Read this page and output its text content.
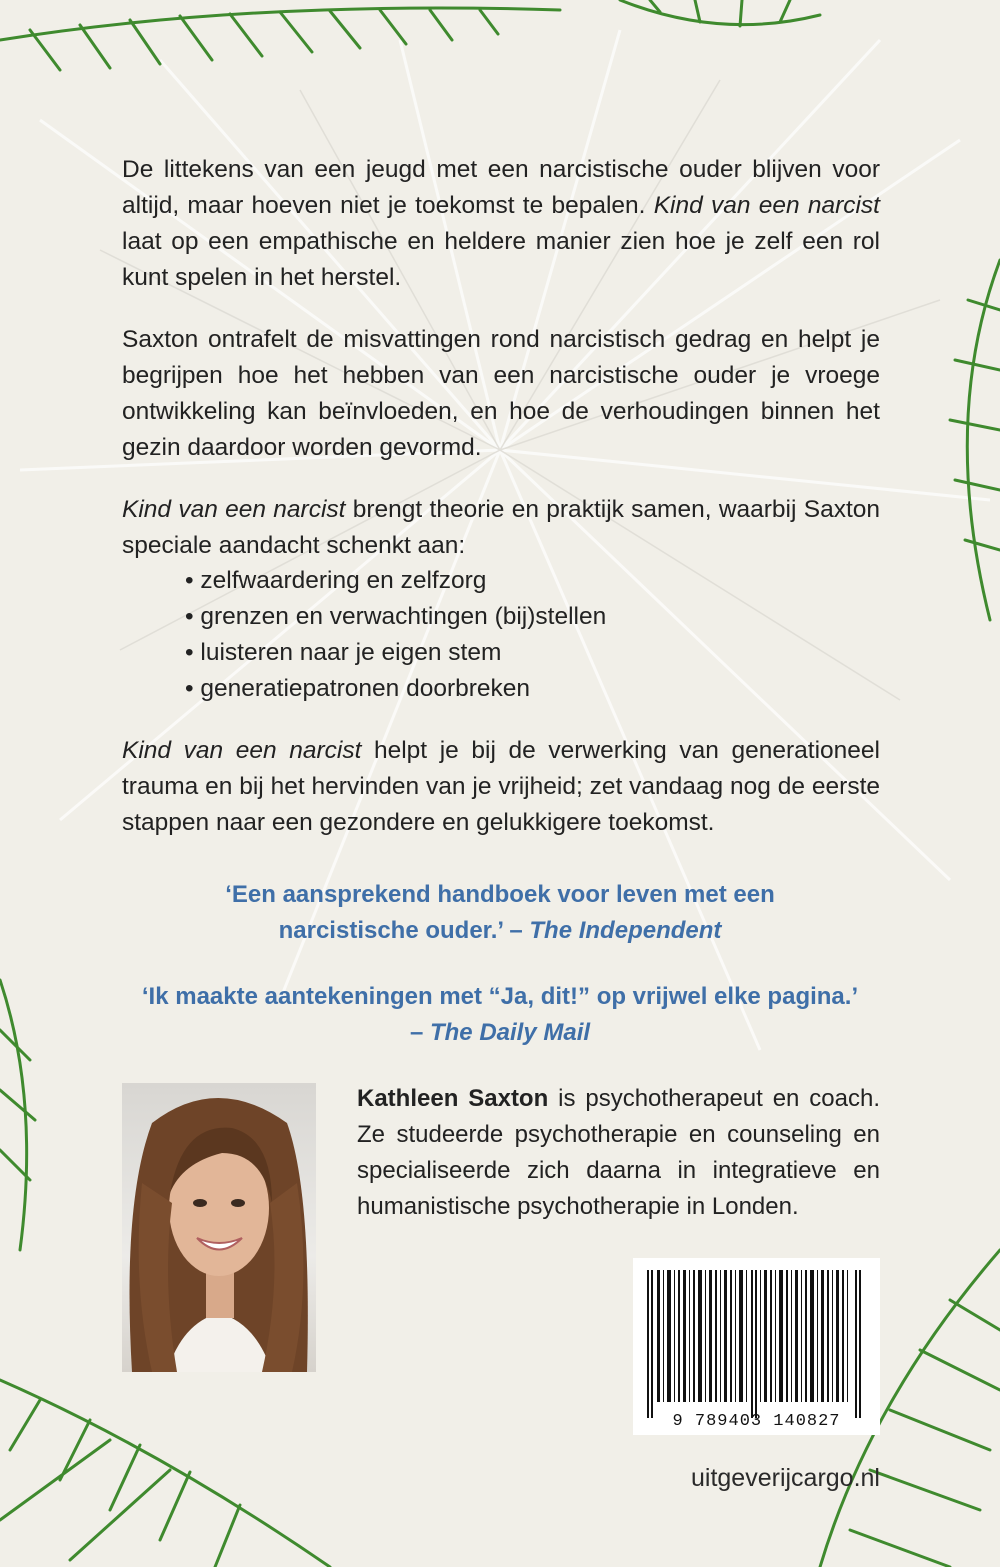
De littekens van een jeugd met een narcistische ouder blijven voor altijd, maar hoeven niet je toekomst te bepalen. Kind van een narcist laat op een empathische en heldere manier zien hoe je zelf een rol kunt spelen in het herstel.

Saxton ontrafelt de misvattingen rond narcistisch gedrag en helpt je begrijpen hoe het hebben van een narcistische ouder je vroege ontwikkeling kan beïnvloeden, en hoe de verhoudingen binnen het gezin daardoor worden gevormd.

Kind van een narcist brengt theorie en praktijk samen, waarbij Saxton speciale aandacht schenkt aan:

• zelfwaardering en zelfzorg
• grenzen en verwachtingen (bij)stellen
• luisteren naar je eigen stem
• generatiepatronen doorbreken

Kind van een narcist helpt je bij de verwerking van generationeel trauma en bij het hervinden van je vrijheid; zet vandaag nog de eerste stappen naar een gezondere en gelukkigere toekomst.

‘Een aansprekend handboek voor leven met een
narcistische ouder.’ – The Independent
‘Ik maakte aantekeningen met “Ja, dit!” op vrijwel elke pagina.’
– The Daily Mail

Kathleen Saxton is psychotherapeut en coach. Ze studeerde psychotherapie en counseling en specialiseerde zich daarna in integratieve en humanistische psychotherapie in Londen.

9 789403 140827
uitgeverijcargo.nl
